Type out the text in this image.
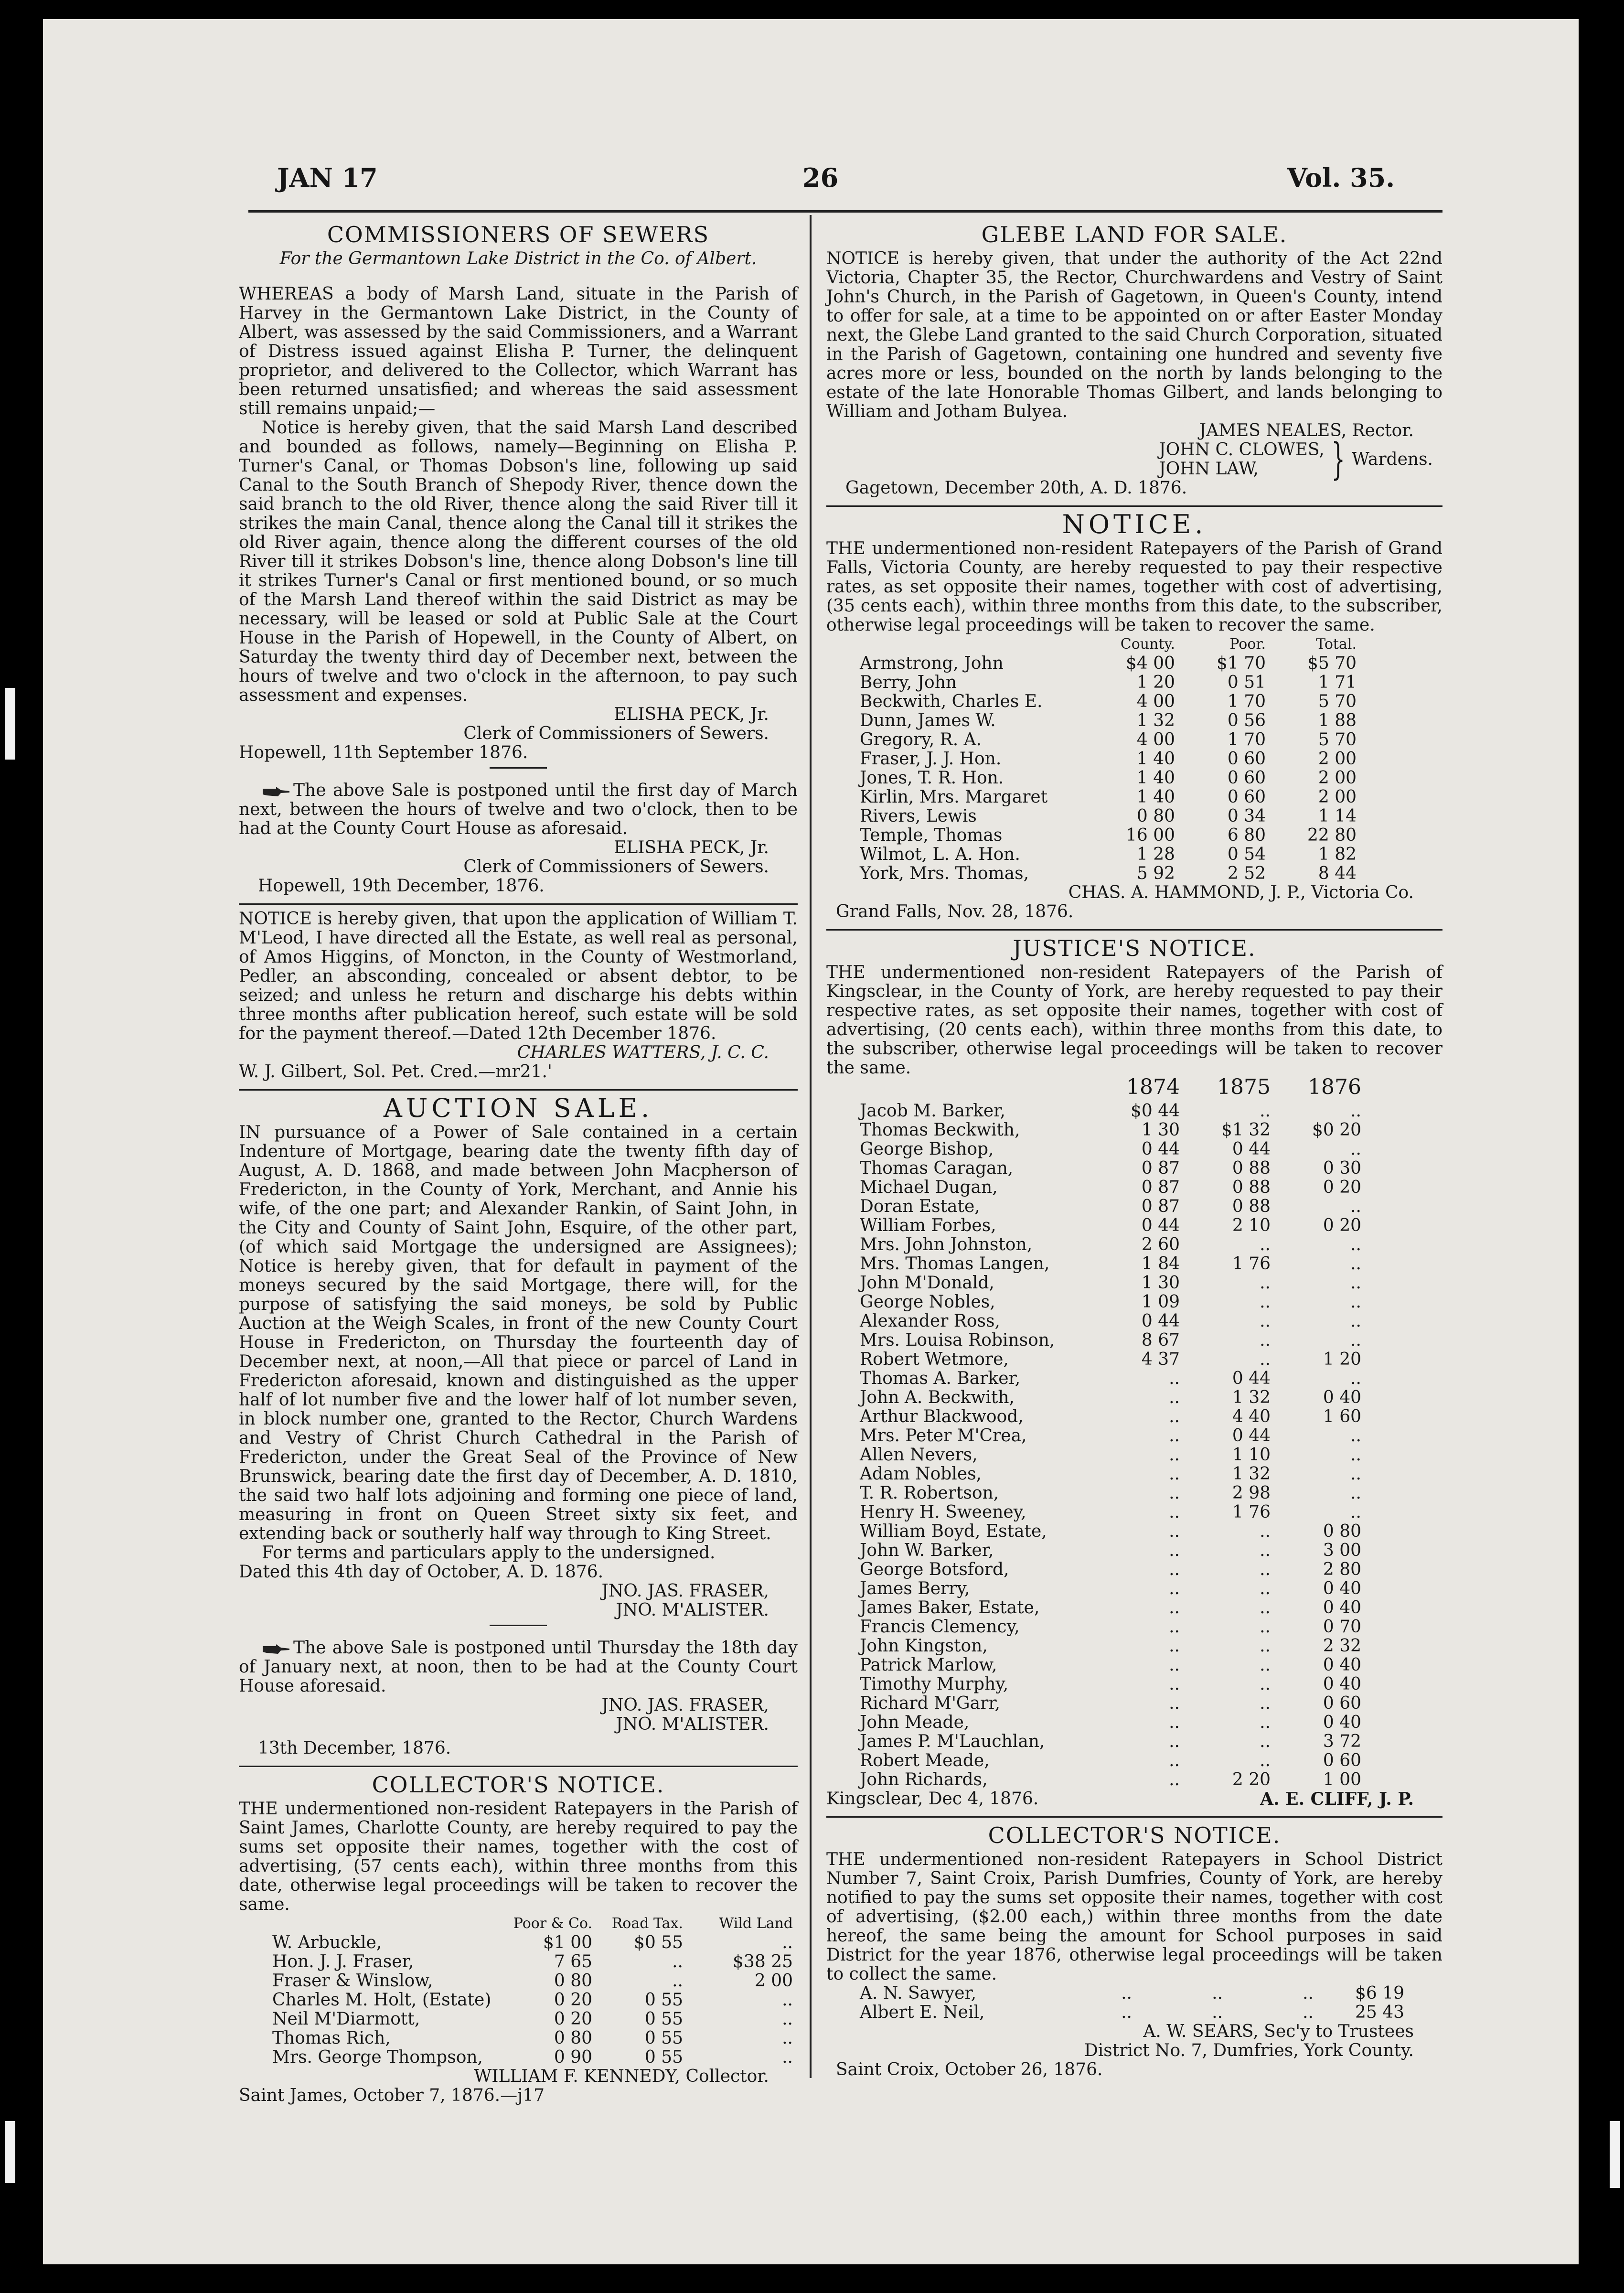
JAN 17	26	Vol. 35.
COMMISSIONERS OF SEWERS
For the Germantown Lake District in the Co. of Albert.

WHEREAS a body of Marsh Land, situate in the Parish of Harvey in the Germantown Lake District, in the County of Albert, was assessed by the said Commissioners, and a Warrant of Distress issued against Elisha P. Turner, the delinquent proprietor, and delivered to the Collector, which Warrant has been returned unsatisfied; and whereas the said assessment still remains unpaid;—

Notice is hereby given, that the said Marsh Land described and bounded as follows, namely—Beginning on Elisha P. Turner's Canal, or Thomas Dobson's line, following up said Canal to the South Branch of Shepody River, thence down the said branch to the old River, thence along the said River till it strikes the main Canal, thence along the Canal till it strikes the old River again, thence along the different courses of the old River till it strikes Dobson's line, thence along Dobson's line till it strikes Turner's Canal or first mentioned bound, or so much of the Marsh Land thereof within the said District as may be necessary, will be leased or sold at Public Sale at the Court House in the Parish of Hopewell, in the County of Albert, on Saturday the twenty third day of December next, between the hours of twelve and two o'clock in the afternoon, to pay such assessment and expenses.

ELISHA PECK, Jr.
Clerk of Commissioners of Sewers.
Hopewell, 11th September 1876.

The above Sale is postponed until the first day of March next, between the hours of twelve and two o'clock, then to be had at the County Court House as aforesaid.

ELISHA PECK, Jr.
Clerk of Commissioners of Sewers.
Hopewell, 19th December, 1876.

NOTICE is hereby given, that upon the application of William T. M'Leod, I have directed all the Estate, as well real as personal, of Amos Higgins, of Moncton, in the County of Westmorland, Pedler, an absconding, concealed or absent debtor, to be seized; and unless he return and discharge his debts within three months after publication hereof, such estate will be sold for the payment thereof.—Dated 12th December 1876.

CHARLES WATTERS, J. C. C.
W. J. Gilbert, Sol. Pet. Cred.—mr21.'
AUCTION SALE.

IN pursuance of a Power of Sale contained in a certain Indenture of Mortgage, bearing date the twenty fifth day of August, A. D. 1868, and made between John Macpherson of Fredericton, in the County of York, Merchant, and Annie his wife, of the one part; and Alexander Rankin, of Saint John, in the City and County of Saint John, Esquire, of the other part, (of which said Mortgage the undersigned are Assignees); Notice is hereby given, that for default in payment of the moneys secured by the said Mortgage, there will, for the purpose of satisfying the said moneys, be sold by Public Auction at the Weigh Scales, in front of the new County Court House in Fredericton, on Thursday the fourteenth day of December next, at noon,—All that piece or parcel of Land in Fredericton aforesaid, known and distinguished as the upper half of lot number five and the lower half of lot number seven, in block number one, granted to the Rector, Church Wardens and Vestry of Christ Church Cathedral in the Parish of Fredericton, under the Great Seal of the Province of New Brunswick, bearing date the first day of December, A. D. 1810, the said two half lots adjoining and forming one piece of land, measuring in front on Queen Street sixty six feet, and extending back or southerly half way through to King Street.

For terms and particulars apply to the undersigned.

Dated this 4th day of October, A. D. 1876.

JNO. JAS. FRASER,
JNO. M'ALISTER.

The above Sale is postponed until Thursday the 18th day of January next, at noon, then to be had at the County Court House aforesaid.

JNO. JAS. FRASER,
JNO. M'ALISTER.
13th December, 1876.
COLLECTOR'S NOTICE.

THE undermentioned non-resident Ratepayers in the Parish of Saint James, Charlotte County, are hereby required to pay the sums set opposite their names, together with the cost of advertising, (57 cents each), within three months from this date, otherwise legal proceedings will be taken to recover the same.

Poor & Co.	Road Tax.	Wild Land
W. Arbuckle,	$1 00	$0 55	..
Hon. J. J. Fraser,	7 65	..	$38 25
Fraser & Winslow,	0 80	..	2 00
Charles M. Holt, (Estate)	0 20	0 55	..
Neil M'Diarmott,	0 20	0 55	..
Thomas Rich,	0 80	0 55	..
Mrs. George Thompson,	0 90	0 55	..
WILLIAM F. KENNEDY, Collector.
Saint James, October 7, 1876.—j17
GLEBE LAND FOR SALE.

NOTICE is hereby given, that under the authority of the Act 22nd Victoria, Chapter 35, the Rector, Churchwardens and Vestry of Saint John's Church, in the Parish of Gagetown, in Queen's County, intend to offer for sale, at a time to be appointed on or after Easter Monday next, the Glebe Land granted to the said Church Corporation, situated in the Parish of Gagetown, containing one hundred and seventy five acres more or less, bounded on the north by lands belonging to the estate of the late Honorable Thomas Gilbert, and lands belonging to William and Jotham Bulyea.

JAMES NEALES, Rector.
JOHN C. CLOWES,
JOHN LAW,	} Wardens.
Gagetown, December 20th, A. D. 1876.
NOTICE.

THE undermentioned non-resident Ratepayers of the Parish of Grand Falls, Victoria County, are hereby requested to pay their respective rates, as set opposite their names, together with cost of advertising, (35 cents each), within three months from this date, to the subscriber, otherwise legal proceedings will be taken to recover the same.

County.	Poor.	Total.
Armstrong, John	$4 00	$1 70	$5 70
Berry, John	1 20	0 51	1 71
Beckwith, Charles E.	4 00	1 70	5 70
Dunn, James W.	1 32	0 56	1 88
Gregory, R. A.	4 00	1 70	5 70
Fraser, J. J. Hon.	1 40	0 60	2 00
Jones, T. R. Hon.	1 40	0 60	2 00
Kirlin, Mrs. Margaret	1 40	0 60	2 00
Rivers, Lewis	0 80	0 34	1 14
Temple, Thomas	16 00	6 80	22 80
Wilmot, L. A. Hon.	1 28	0 54	1 82
York, Mrs. Thomas,	5 92	2 52	8 44
CHAS. A. HAMMOND, J. P., Victoria Co.
Grand Falls, Nov. 28, 1876.
JUSTICE'S NOTICE.

THE undermentioned non-resident Ratepayers of the Parish of Kingsclear, in the County of York, are hereby requested to pay their respective rates, as set opposite their names, together with cost of advertising, (20 cents each), within three months from this date, to the subscriber, otherwise legal proceedings will be taken to recover the same.

1874	1875	1876
Jacob M. Barker,	$0 44	..	..
Thomas Beckwith,	1 30	$1 32	$0 20
George Bishop,	0 44	0 44	..
Thomas Caragan,	0 87	0 88	0 30
Michael Dugan,	0 87	0 88	0 20
Doran Estate,	0 87	0 88	..
William Forbes,	0 44	2 10	0 20
Mrs. John Johnston,	2 60	..	..
Mrs. Thomas Langen,	1 84	1 76	..
John M'Donald,	1 30	..	..
George Nobles,	1 09	..	..
Alexander Ross,	0 44	..	..
Mrs. Louisa Robinson,	8 67	..	..
Robert Wetmore,	4 37	..	1 20
Thomas A. Barker,	..	0 44	..
John A. Beckwith,	..	1 32	0 40
Arthur Blackwood,	..	4 40	1 60
Mrs. Peter M'Crea,	..	0 44	..
Allen Nevers,	..	1 10	..
Adam Nobles,	..	1 32	..
T. R. Robertson,	..	2 98	..
Henry H. Sweeney,	..	1 76	..
William Boyd, Estate,	..	..	0 80
John W. Barker,	..	..	3 00
George Botsford,	..	..	2 80
James Berry,	..	..	0 40
James Baker, Estate,	..	..	0 40
Francis Clemency,	..	..	0 70
John Kingston,	..	..	2 32
Patrick Marlow,	..	..	0 40
Timothy Murphy,	..	..	0 40
Richard M'Garr,	..	..	0 60
John Meade,	..	..	0 40
James P. M'Lauchlan,	..	..	3 72
Robert Meade,	..	..	0 60
John Richards,	..	2 20	1 00
Kingsclear, Dec 4, 1876.	A. E. CLIFF, J. P.
COLLECTOR'S NOTICE.

THE undermentioned non-resident Ratepayers in School District Number 7, Saint Croix, Parish Dumfries, County of York, are hereby notified to pay the sums set opposite their names, together with cost of advertising, ($2.00 each,) within three months from the date hereof, the same being the amount for School purposes in said District for the year 1876, otherwise legal proceedings will be taken to collect the same.

A. N. Sawyer,	..	..	..	$6 19
Albert E. Neil,	..	..	..	25 43
A. W. SEARS, Sec'y to Trustees
District No. 7, Dumfries, York County.
Saint Croix, October 26, 1876.
